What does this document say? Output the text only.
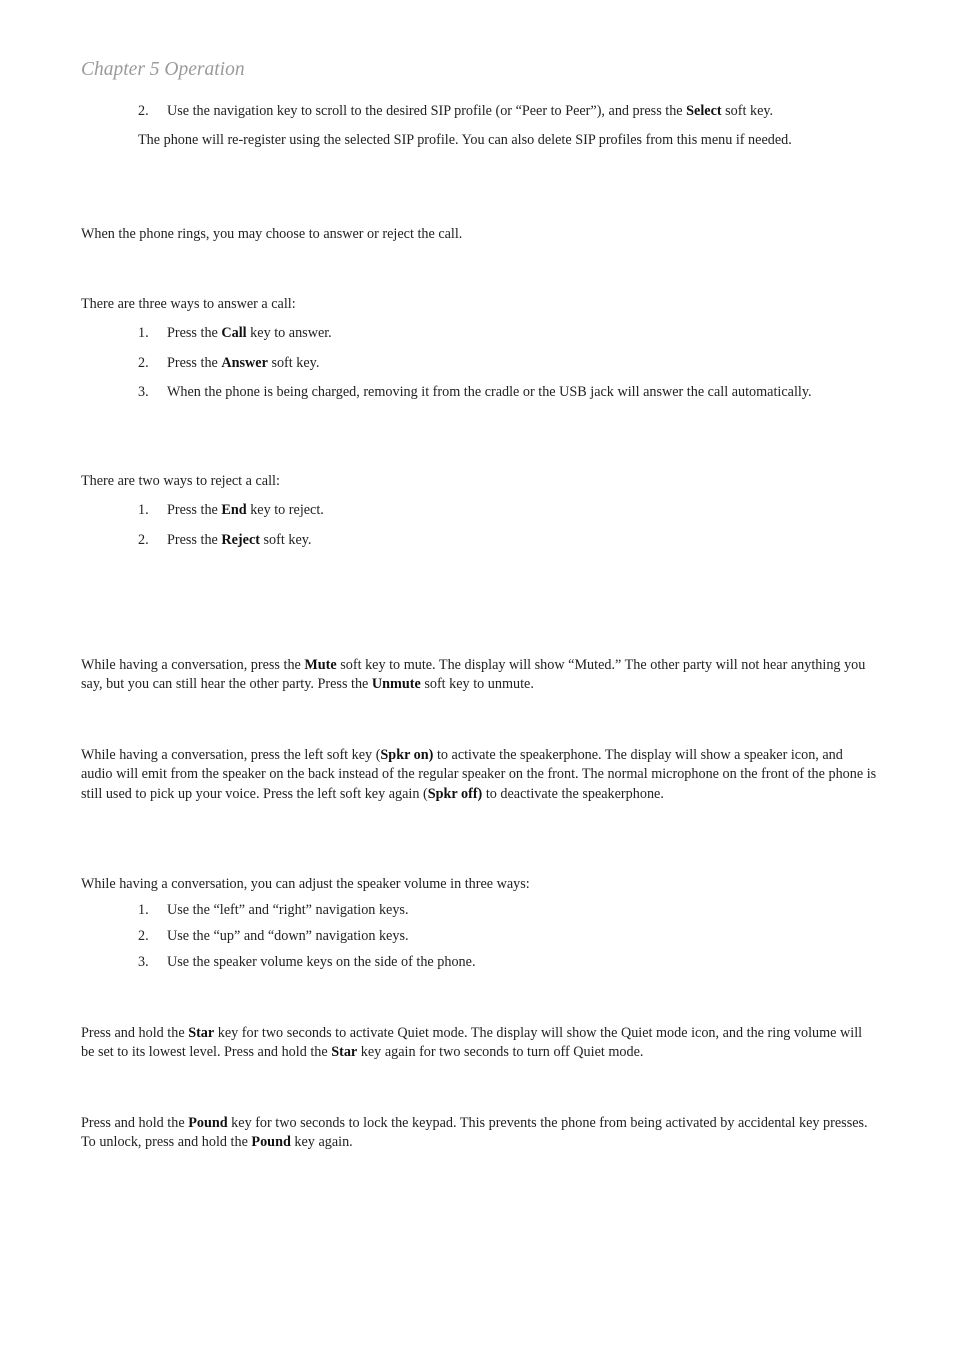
Chapter 5 Operation
2. Use the navigation key to scroll to the desired SIP profile (or “Peer to Peer”), and press the Select soft key.

The phone will re-register using the selected SIP profile. You can also delete SIP profiles from this menu if needed.

When the phone rings, you may choose to answer or reject the call.

There are three ways to answer a call:

1. Press the Call key to answer.
2. Press the Answer soft key.
3. When the phone is being charged, removing it from the cradle or the USB jack will answer the call automatically.

There are two ways to reject a call:

1. Press the End key to reject.
2. Press the Reject soft key.

While having a conversation, press the Mute soft key to mute. The display will show “Muted.” The other party will not hear anything you say, but you can still hear the other party. Press the Unmute soft key to unmute.

While having a conversation, press the left soft key (Spkr on) to activate the speakerphone. The display will show a speaker icon, and audio will emit from the speaker on the back instead of the regular speaker on the front. The normal microphone on the front of the phone is still used to pick up your voice. Press the left soft key again (Spkr off) to deactivate the speakerphone.

While having a conversation, you can adjust the speaker volume in three ways:

1. Use the “left” and “right” navigation keys.
2. Use the “up” and “down” navigation keys.
3. Use the speaker volume keys on the side of the phone.

Press and hold the Star key for two seconds to activate Quiet mode. The display will show the Quiet mode icon, and the ring volume will be set to its lowest level. Press and hold the Star key again for two seconds to turn off Quiet mode.

Press and hold the Pound key for two seconds to lock the keypad. This prevents the phone from being activated by accidental key presses. To unlock, press and hold the Pound key again.
